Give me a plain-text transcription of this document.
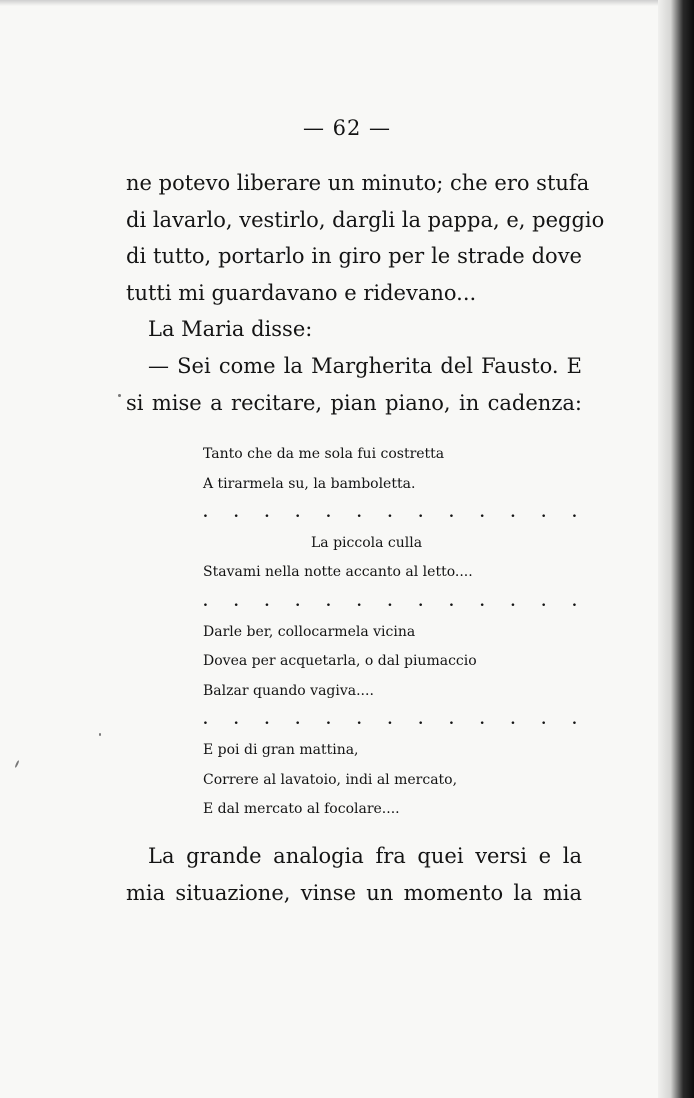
— 62 —
ne potevo liberare un minuto; che ero stufa
di lavarlo, vestirlo, dargli la pappa, e, peggio
di tutto, portarlo in giro per le strade dove
tutti mi guardavano e ridevano...
La Maria disse:
— Sei come la Margherita del Fausto. E
si mise a recitare, pian piano, in cadenza:
Tanto che da me sola fui costretta
A tirarmela su, la bamboletta.
. . . . . . . . . . . . .
La piccola culla
Stavami nella notte accanto al letto....
. . . . . . . . . . . . .
Darle ber, collocarmela vicina
Dovea per acquetarla, o dal piumaccio
Balzar quando vagiva....
. . . . . . . . . . . . .
E poi di gran mattina,
Correre al lavatoio, indi al mercato,
E dal mercato al focolare....
La grande analogia fra quei versi e la
mia situazione, vinse un momento la mia
